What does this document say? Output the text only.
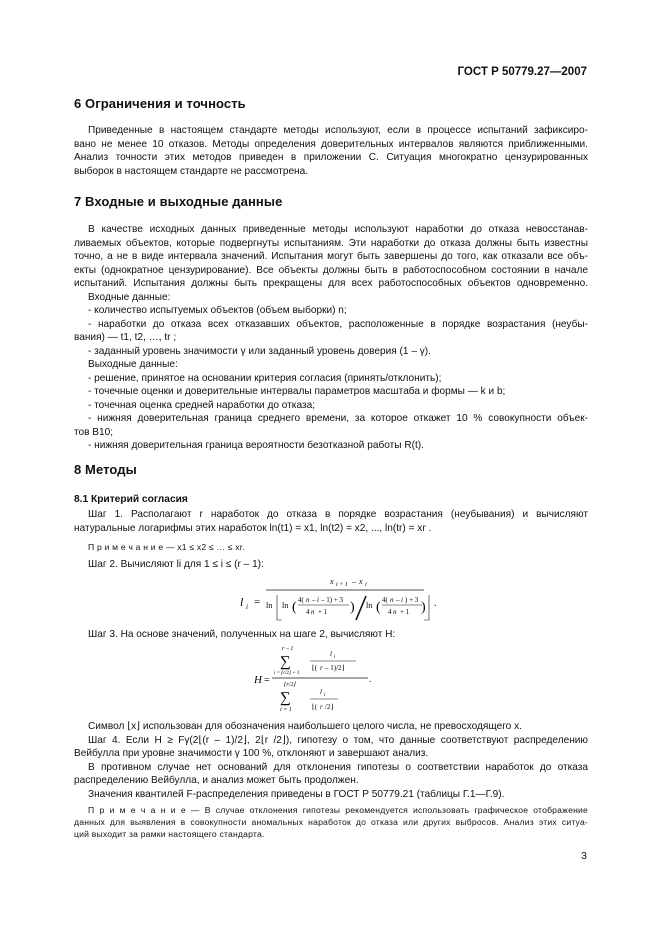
ГОСТ Р 50779.27—2007
6 Ограничения и точность
Приведенные в настоящем стандарте методы используют, если в процессе испытаний зафиксиро-
вано не менее 10 отказов. Методы определения доверительных интервалов являются приближенными.
Анализ точности этих методов приведен в приложении С. Ситуация многократно цензурированных
выборок в настоящем стандарте не рассмотрена.
7 Входные и выходные данные
В качестве исходных данных приведенные методы используют наработки до отказа невосстанав-
ливаемых объектов, которые подвергнуты испытаниям. Эти наработки до отказа должны быть известны
точно, а не в виде интервала значений. Испытания могут быть завершены до того, как отказали все объ-
екты (однократное цензурирование). Все объекты должны быть в работоспособном состоянии в начале
испытаний. Испытания должны быть прекращены для всех работоспособных объектов одновременно.
Входные данные:
- количество испытуемых объектов (объем выборки) n;
- наработки до отказа всех отказавших объектов, расположенные в порядке возрастания (неубы-
вания) — t1, t2, …, tr ;
- заданный уровень значимости γ или заданный уровень доверия (1 – γ).
Выходные данные:
- решение, принятое на основании критерия согласия (принять/отклонить);
- точечные оценки и доверительные интервалы параметров масштаба и формы — k и b;
- точечная оценка средней наработки до отказа;
- нижняя доверительная граница среднего времени, за которое откажет 10 % совокупности объек-
тов B10;
- нижняя доверительная граница вероятности безотказной работы R(t).
8 Методы
8.1 Критерий согласия
Шаг 1. Располагают r наработок до отказа в порядке возрастания (неубывания) и вычисляют
натуральные логарифмы этих наработок ln(t1) = x1, ln(t2) = x2, ..., ln(tr) = xr .
П р и м е ч а н и е — x1 ≤ x2 ≤ … ≤ xr.
Шаг 2. Вычисляют li для 1 ≤ i ≤ (r – 1):
l i =
x i + 1 – x i
ln ln ( 4( n – i – 1) + 3
4 n + 1 ) ln ( 4( n – i ) + 3
4 n + 1 ) .
Шаг 3. На основе значений, полученных на шаге 2, вычисляют H:
H =
r – 1
∑
i = ⌊r/2⌋ + 1
l i
⌊( r – 1)/2⌋
.
⌊r/2⌋
∑
i = 1
l i
⌊( r /2⌋
Символ ⌊x⌋ использован для обозначения наибольшего целого числа, не превосходящего x.
Шаг 4. Если H ≥ Fγ(2⌊(r – 1)/2⌋, 2⌊r /2⌋), гипотезу о том, что данные соответствуют распределению
Вейбулла при уровне значимости γ 100 %, отклоняют и завершают анализ.
В противном случае нет оснований для отклонения гипотезы о соответствии наработок до отказа
распределению Вейбулла, и анализ может быть продолжен.
Значения квантилей F-распределения приведены в ГОСТ Р 50779.21 (таблицы Г.1—Г.9).
П р и м е ч а н и е — В случае отклонения гипотезы рекомендуется использовать графическое отображение
данных для выявления в совокупности аномальных наработок до отказа или других выбросов. Анализ этих ситуа-
ций выходит за рамки настоящего стандарта.
3
